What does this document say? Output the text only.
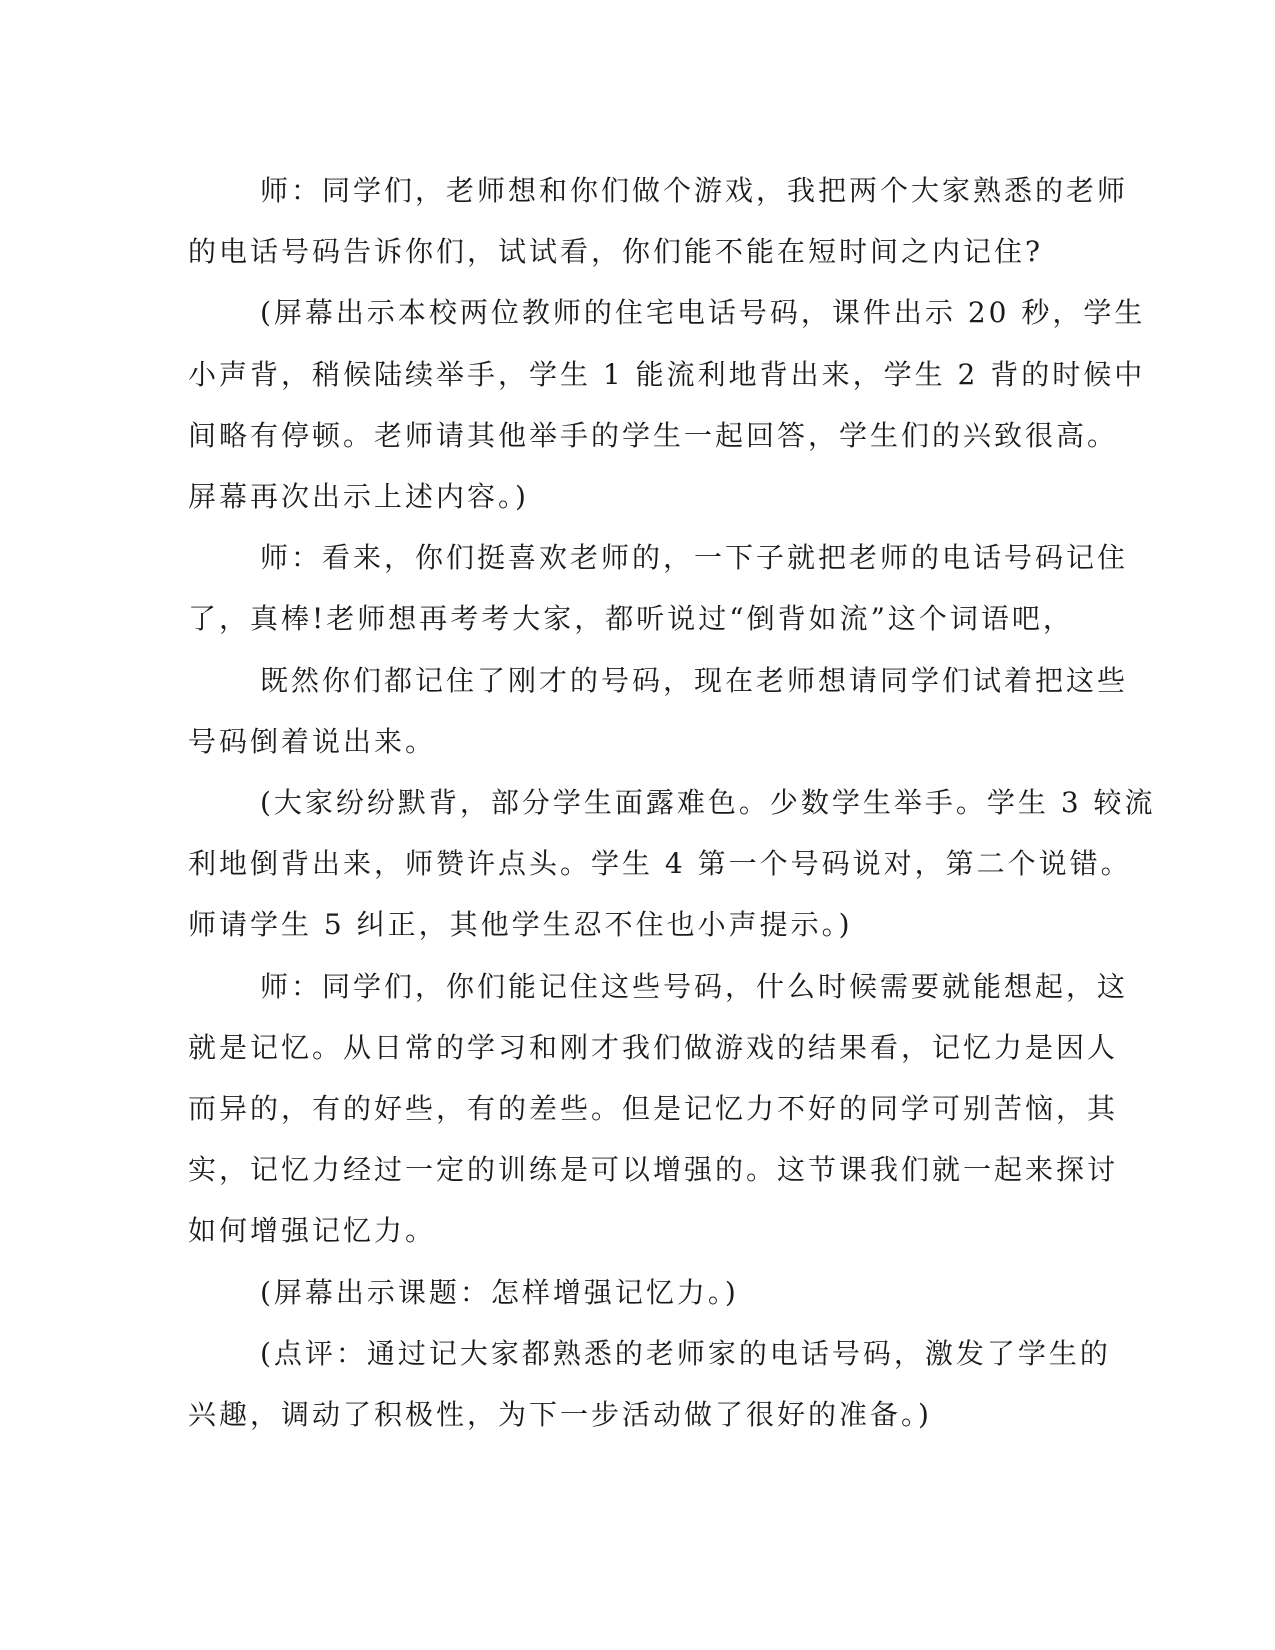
师：同学们，老师想和你们做个游戏，我把两个大家熟悉的老师
的电话号码告诉你们，试试看，你们能不能在短时间之内记住?

(屏幕出示本校两位教师的住宅电话号码，课件出示 20 秒，学生
小声背，稍候陆续举手，学生 1 能流利地背出来，学生 2 背的时候中
间略有停顿。老师请其他举手的学生一起回答，学生们的兴致很高。
屏幕再次出示上述内容。)

师：看来，你们挺喜欢老师的，一下子就把老师的电话号码记住
了，真棒!老师想再考考大家，都听说过“倒背如流”这个词语吧，

既然你们都记住了刚才的号码，现在老师想请同学们试着把这些
号码倒着说出来。

(大家纷纷默背，部分学生面露难色。少数学生举手。学生 3 较流
利地倒背出来，师赞许点头。学生 4 第一个号码说对，第二个说错。
师请学生 5 纠正，其他学生忍不住也小声提示。)

师：同学们，你们能记住这些号码，什么时候需要就能想起，这
就是记忆。从日常的学习和刚才我们做游戏的结果看，记忆力是因人
而异的，有的好些，有的差些。但是记忆力不好的同学可别苦恼，其
实，记忆力经过一定的训练是可以增强的。这节课我们就一起来探讨
如何增强记忆力。

(屏幕出示课题：怎样增强记忆力。)

(点评：通过记大家都熟悉的老师家的电话号码，激发了学生的
兴趣，调动了积极性，为下一步活动做了很好的准备。)
